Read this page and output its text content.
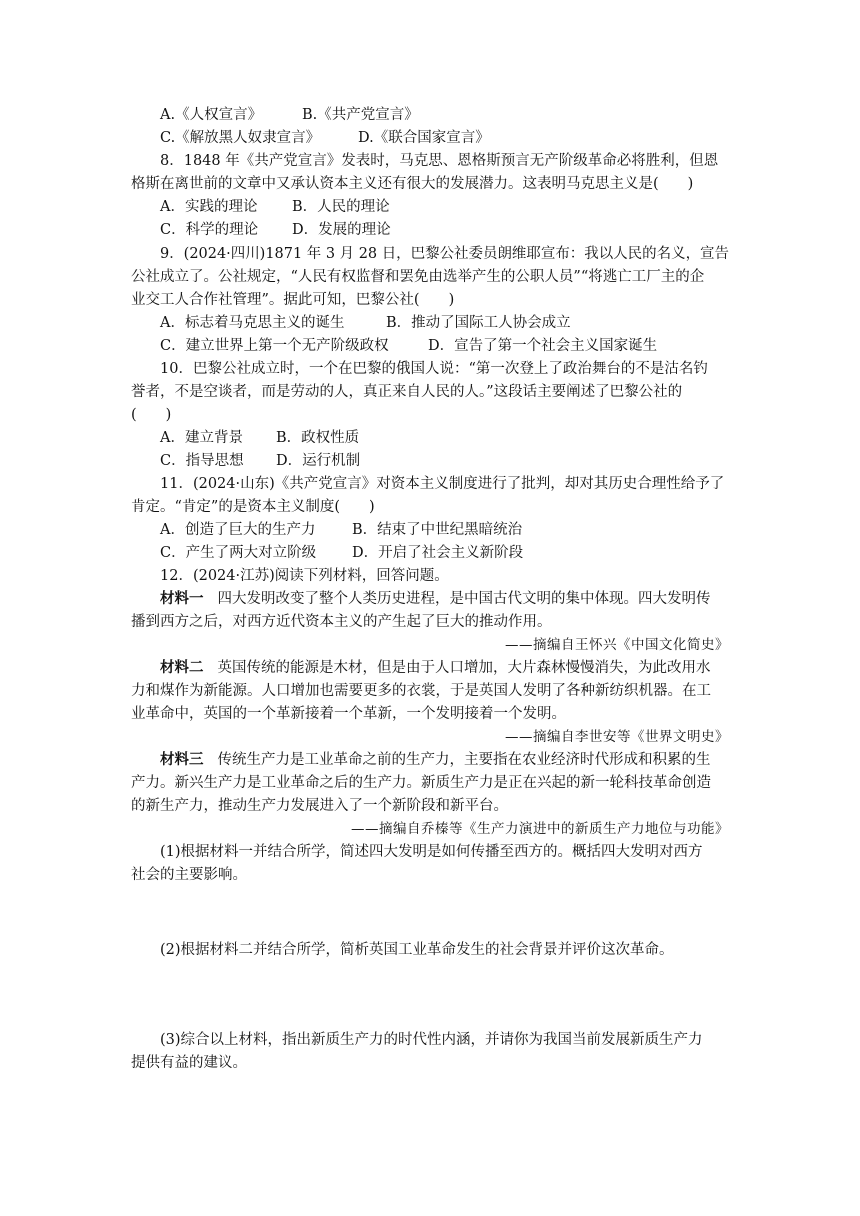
A.《人权宣言》	B.《共产党宣言》
C.《解放黑人奴隶宣言》	D.《联合国家宣言》
8．1848 年《共产党宣言》发表时，马克思、恩格斯预言无产阶级革命必将胜利，但恩
格斯在离世前的文章中又承认资本主义还有很大的发展潜力。这表明马克思主义是(　　)
A．实践的理论 B．人民的理论
C．科学的理论 D．发展的理论
9．(2024·四川)1871 年 3 月 28 日，巴黎公社委员朗维耶宣布：我以人民的名义，宣告
公社成立了。公社规定，“人民有权监督和罢免由选举产生的公职人员”“将逃亡工厂主的企
业交工人合作社管理”。据此可知，巴黎公社(　　)
A．标志着马克思主义的诞生	B．推动了国际工人协会成立
C．建立世界上第一个无产阶级政权	D．宣告了第一个社会主义国家诞生
10．巴黎公社成立时，一个在巴黎的俄国人说：“第一次登上了政治舞台的不是沽名钓
誉者，不是空谈者，而是劳动的人，真正来自人民的人。”这段话主要阐述了巴黎公社的
(　　)
A．建立背景 B．政权性质
C．指导思想 D．运行机制
11．(2024·山东)《共产党宣言》对资本主义制度进行了批判，却对其历史合理性给予了
肯定。“肯定”的是资本主义制度(　　)
A．创造了巨大的生产力	B．结束了中世纪黑暗统治
C．产生了两大对立阶级 D．开启了社会主义新阶段
12．(2024·江苏)阅读下列材料，回答问题。
材料一 四大发明改变了整个人类历史进程，是中国古代文明的集中体现。四大发明传
播到西方之后，对西方近代资本主义的产生起了巨大的推动作用。
——摘编自王怀兴《中国文化简史》
材料二 英国传统的能源是木材，但是由于人口增加，大片森林慢慢消失，为此改用水
力和煤作为新能源。人口增加也需要更多的衣裳，于是英国人发明了各种新纺织机器。在工
业革命中，英国的一个革新接着一个革新，一个发明接着一个发明。
——摘编自李世安等《世界文明史》
材料三 传统生产力是工业革命之前的生产力，主要指在农业经济时代形成和积累的生
产力。新兴生产力是工业革命之后的生产力。新质生产力是正在兴起的新一轮科技革命创造
的新生产力，推动生产力发展进入了一个新阶段和新平台。
——摘编自乔榛等《生产力演进中的新质生产力地位与功能》
(1)根据材料一并结合所学，简述四大发明是如何传播至西方的。概括四大发明对西方
社会的主要影响。
(2)根据材料二并结合所学，简析英国工业革命发生的社会背景并评价这次革命。
(3)综合以上材料，指出新质生产力的时代性内涵，并请你为我国当前发展新质生产力
提供有益的建议。
